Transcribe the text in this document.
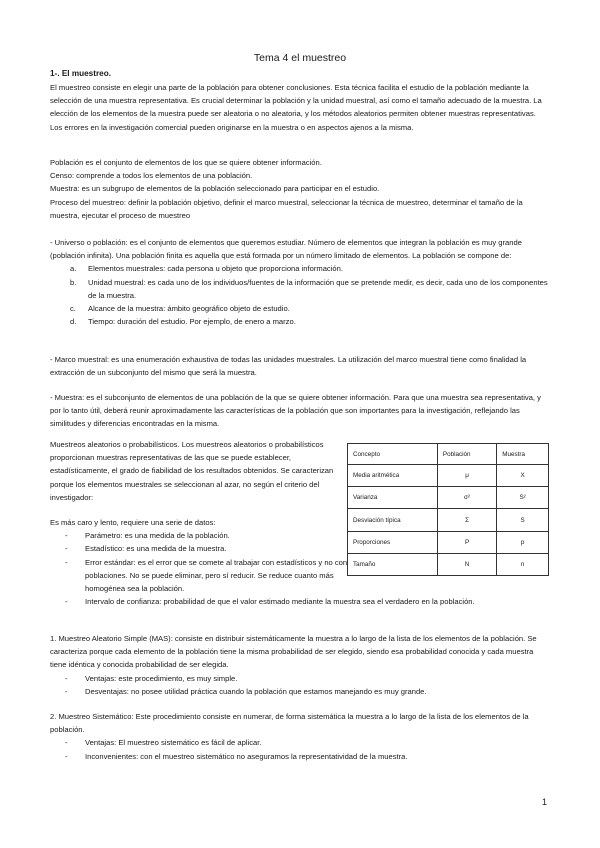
Tema 4 el muestreo
1-. El muestreo.
El muestreo consiste en elegir una parte de la población para obtener conclusiones. Esta técnica facilita el estudio de la población mediante la selección de una muestra representativa. Es crucial determinar la población y la unidad muestral, así como el tamaño adecuado de la muestra. La elección de los elementos de la muestra puede ser aleatoria o no aleatoria, y los métodos aleatorios permiten obtener muestras representativas. Los errores en la investigación comercial pueden originarse en la muestra o en aspectos ajenos a la misma.
Población es el conjunto de elementos de los que se quiere obtener información.
Censo: comprende a todos los elementos de una población.
Muestra: es un subgrupo de elementos de la población seleccionado para participar en el estudio.
Proceso del muestreo: definir la población objetivo, definir el marco muestral, seleccionar la técnica de muestreo, determinar el tamaño de la muestra, ejecutar el proceso de muestreo
- Universo o población: es el conjunto de elementos que queremos estudiar. Número de elementos que integran la población es muy grande (población infinita). Una población finita es aquella que está formada por un número limitado de elementos. La población se compone de:
a. Elementos muestrales: cada persona u objeto que proporciona información.
b. Unidad muestral: es cada uno de los individuos/fuentes de la información que se pretende medir, es decir, cada uno de los componentes de la muestra.
c. Alcance de la muestra: ámbito geográfico objeto de estudio.
d. Tiempo: duración del estudio. Por ejemplo, de enero a marzo.
- Marco muestral: es una enumeración exhaustiva de todas las unidades muestrales. La utilización del marco muestral tiene como finalidad la extracción de un subconjunto del mismo que será la muestra.
- Muestra: es el subconjunto de elementos de una población de la que se quiere obtener información. Para que una muestra sea representativa, y por lo tanto útil, deberá reunir aproximadamente las características de la población que son importantes para la investigación, reflejando las similitudes y diferencias encontradas en la misma.
Muestreos aleatorios o probabilísticos. Los muestreos aleatorios o probabilísticos proporcionan muestras representativas de las que se puede establecer, estadísticamente, el grado de fiabilidad de los resultados obtenidos. Se caracterizan porque los elementos muestrales se seleccionan al azar, no según el criterio del investigador:
Concepto	Población	Muestra
Media aritmética	μ	X
Varianza	σ²	S²
Desviación típica	Σ	S
Proporciones	P	p
Tamaño	N	n
Es más caro y lento, requiere una serie de datos:
- Parámetro: es una medida de la población.
- Estadístico: es una medida de la muestra.
- Error estándar: es el error que se comete al trabajar con estadísticos y no con poblaciones. No se puede eliminar, pero sí reducir. Se reduce cuanto más homogénea sea la población.
- Intervalo de confianza: probabilidad de que el valor estimado mediante la muestra sea el verdadero en la población.
1. Muestreo Aleatorio Simple (MAS): consiste en distribuir sistemáticamente la muestra a lo largo de la lista de los elementos de la población. Se caracteriza porque cada elemento de la población tiene la misma probabilidad de ser elegido, siendo esa probabilidad conocida y cada muestra tiene idéntica y conocida probabilidad de ser elegida.
- Ventajas: este procedimiento, es muy simple.
- Desventajas: no posee utilidad práctica cuando la población que estamos manejando es muy grande.
2. Muestreo Sistemático: Este procedimiento consiste en numerar, de forma sistemática la muestra a lo largo de la lista de los elementos de la población.
- Ventajas: El muestreo sistemático es fácil de aplicar.
- Inconvenientes: con el muestreo sistemático no aseguramos la representatividad de la muestra.
1
